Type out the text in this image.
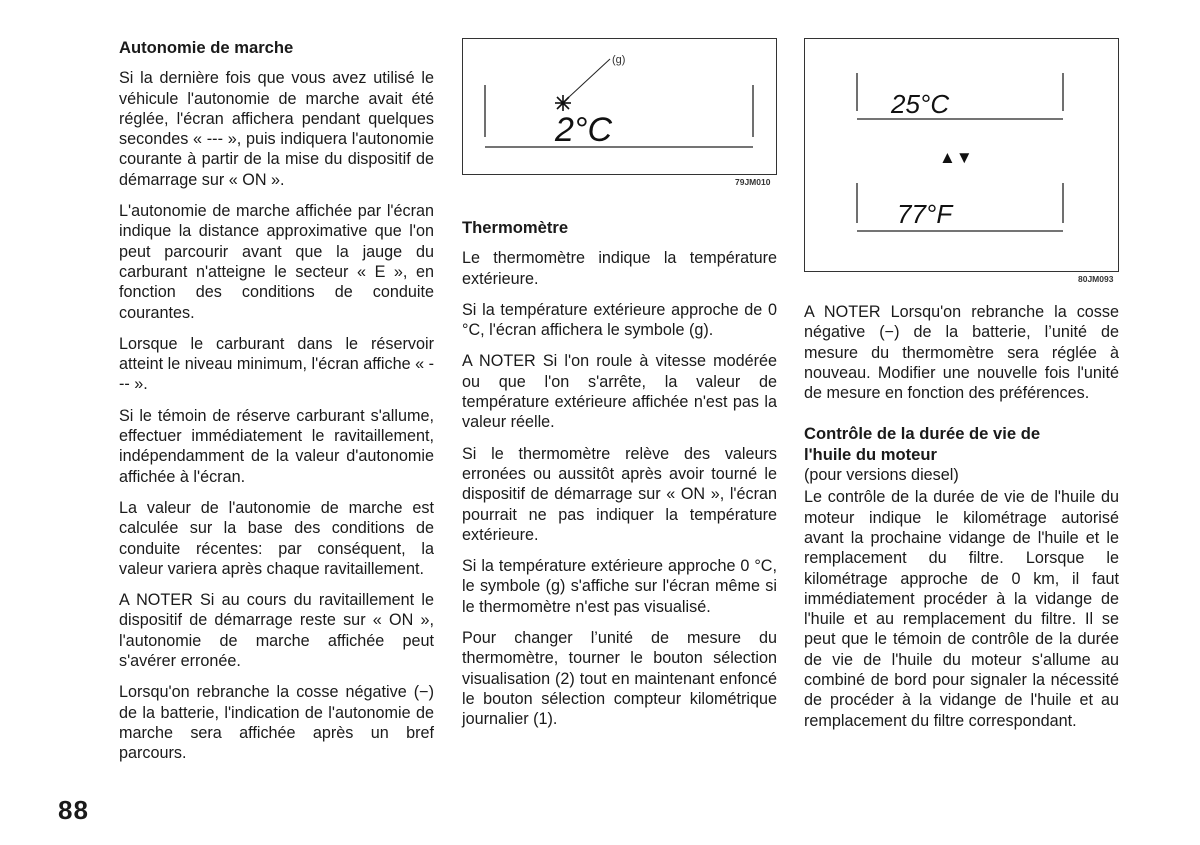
Autonomie de marche

Si la dernière fois que vous avez utilisé le véhicule l'autonomie de marche avait été réglée, l'écran affichera pendant quelques secondes « --- », puis indiquera l'autonomie courante à partir de la mise du dispositif de démarrage sur « ON ».

L'autonomie de marche affichée par l'écran indique la distance approximative que l'on peut parcourir avant que la jauge du carburant n'atteigne le secteur « E », en fonction des conditions de conduite courantes.

Lorsque le carburant dans le réservoir atteint le niveau minimum, l'écran affiche « --- ».

Si le témoin de réserve carburant s'allume, effectuer immédiatement le ravitaillement, indépendamment de la valeur d'autonomie affichée à l'écran.

La valeur de l'autonomie de marche est calculée sur la base des conditions de conduite récentes: par conséquent, la valeur variera après chaque ravitaillement.

A NOTER Si au cours du ravitaillement le dispositif de démarrage reste sur « ON », l'autonomie de marche affichée peut s'avérer erronée.

Lorsqu'on rebranche la cosse négative (−) de la batterie, l'indication de l'autonomie de marche sera affichée après un bref parcours.

(g)
2°C
79JM010
Thermomètre

Le thermomètre indique la température extérieure.

Si la température extérieure approche de 0 °C, l'écran affichera le symbole (g).

A NOTER Si l'on roule à vitesse modérée ou que l'on s'arrête, la valeur de température extérieure affichée n'est pas la valeur réelle.

Si le thermomètre relève des valeurs erronées ou aussitôt après avoir tourné le dispositif de démarrage sur « ON », l'écran pourrait ne pas indiquer la température extérieure.

Si la température extérieure approche 0 °C, le symbole (g) s'affiche sur l'écran même si le thermomètre n'est pas visualisé.

Pour changer l’unité de mesure du thermomètre, tourner le bouton sélection visualisation (2) tout en maintenant enfoncé le bouton sélection compteur kilométrique journalier (1).

25°C
▲▼
77°F
80JM093

A NOTER Lorsqu'on rebranche la cosse négative (−) de la batterie, l’unité de mesure du thermomètre sera réglée à nouveau. Modifier une nouvelle fois l'unité de mesure en fonction des préférences.

Contrôle de la durée de vie de
l'huile du moteur

(pour versions diesel)

Le contrôle de la durée de vie de l'huile du moteur indique le kilométrage autorisé avant la prochaine vidange de l'huile et le remplacement du filtre. Lorsque le kilométrage approche de 0 km, il faut immédiatement procéder à la vidange de l'huile et au remplacement du filtre. Il se peut que le témoin de contrôle de la durée de vie de l'huile du moteur s'allume au combiné de bord pour signaler la nécessité de procéder à la vidange de l'huile et au remplacement du filtre correspondant.

88
